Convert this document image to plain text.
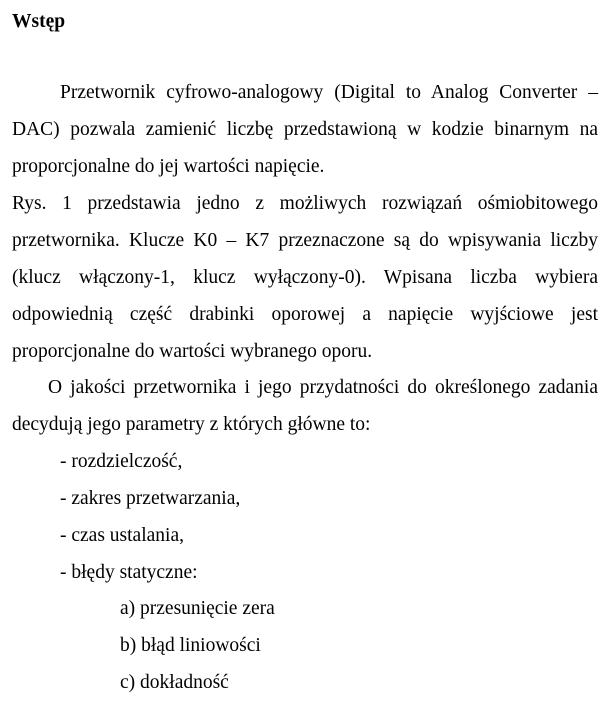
Wstęp
Przetwornik cyfrowo-analogowy (Digital to Analog Converter – DAC) pozwala zamienić liczbę przedstawioną w kodzie binarnym na proporcjonalne do jej wartości napięcie.
Rys. 1 przedstawia jedno z możliwych rozwiązań ośmiobitowego przetwornika. Klucze K0 – K7 przeznaczone są do wpisywania liczby (klucz włączony-1, klucz wyłączony-0). Wpisana liczba wybiera odpowiednią część drabinki oporowej a napięcie wyjściowe jest proporcjonalne do wartości wybranego oporu.
O jakości przetwornika i jego przydatności do określonego zadania decydują jego parametry z których główne to:
- rozdzielczość,
- zakres przetwarzania,
- czas ustalania,
- błędy statyczne:
a) przesunięcie zera
b) błąd liniowości
c) dokładność
